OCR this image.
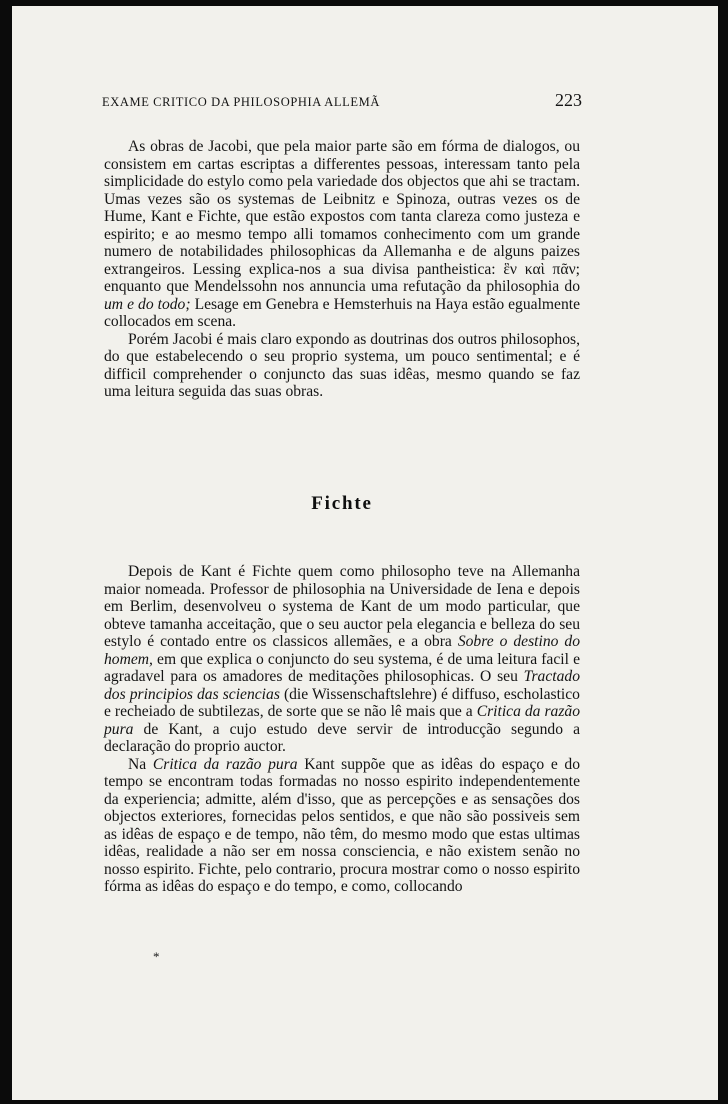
EXAME CRITICO DA PHILOSOPHIA ALLEMÃ	223

As obras de Jacobi, que pela maior parte são em fórma de dialogos, ou consistem em cartas escriptas a differentes pessoas, interessam tanto pela simplicidade do estylo como pela variedade dos objectos que ahi se tractam. Umas vezes são os systemas de Leibnitz e Spinoza, outras vezes os de Hume, Kant e Fichte, que estão expostos com tanta clareza como justeza e espirito; e ao mesmo tempo alli tomamos conhecimento com um grande numero de notabilidades philosophicas da Allemanha e de alguns paizes extrangeiros. Lessing explica-nos a sua divisa pantheistica: ἓν καὶ πᾶν; enquanto que Mendelssohn nos annuncia uma refutação da philosophia do um e do todo; Lesage em Genebra e Hemsterhuis na Haya estão egualmente collocados em scena.

Porém Jacobi é mais claro expondo as doutrinas dos outros philosophos, do que estabelecendo o seu proprio systema, um pouco sentimental; e é difficil comprehender o conjuncto das suas idêas, mesmo quando se faz uma leitura seguida das suas obras.

Fichte

Depois de Kant é Fichte quem como philosopho teve na Allemanha maior nomeada. Professor de philosophia na Universidade de Iena e depois em Berlim, desenvolveu o systema de Kant de um modo particular, que obteve tamanha acceitação, que o seu auctor pela elegancia e belleza do seu estylo é contado entre os classicos allemães, e a obra Sobre o destino do homem, em que explica o conjuncto do seu systema, é de uma leitura facil e agradavel para os amadores de meditações philosophicas. O seu Tractado dos principios das sciencias (die Wissenschaftslehre) é diffuso, escholastico e recheiado de subtilezas, de sorte que se não lê mais que a Critica da razão pura de Kant, a cujo estudo deve servir de introducção segundo a declaração do proprio auctor.

Na Critica da razão pura Kant suppõe que as idêas do espaço e do tempo se encontram todas formadas no nosso espirito independentemente da experiencia; admitte, além d'isso, que as percepções e as sensações dos objectos exteriores, fornecidas pelos sentidos, e que não são possiveis sem as idêas de espaço e de tempo, não têm, do mesmo modo que estas ultimas idêas, realidade a não ser em nossa consciencia, e não existem senão no nosso espirito. Fichte, pelo contrario, procura mostrar como o nosso espirito fórma as idêas do espaço e do tempo, e como, collocando

*
